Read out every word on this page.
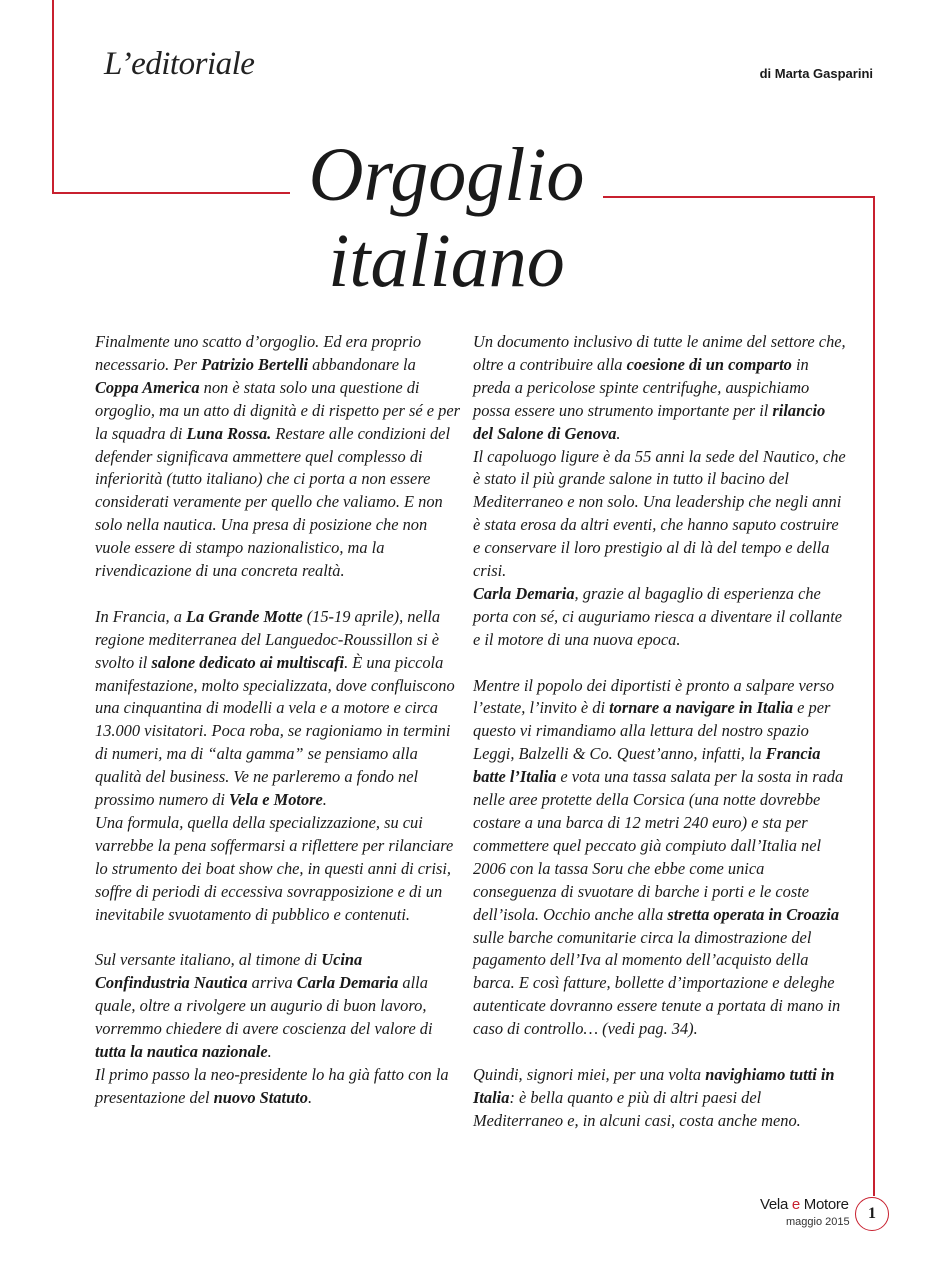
L’editoriale	di Marta Gasparini
Orgoglio
italiano

Finalmente uno scatto d’orgoglio. Ed era proprio necessario. Per Patrizio Bertelli abbandonare la Coppa America non è stata solo una questione di orgoglio, ma un atto di dignità e di rispetto per sé e per la squadra di Luna Rossa. Restare alle condizioni del defender significava ammettere quel complesso di inferiorità (tutto italiano) che ci porta a non essere considerati veramente per quello che valiamo. E non solo nella nautica. Una presa di posizione che non vuole essere di stampo nazionalistico, ma la rivendicazione di una concreta realtà.

In Francia, a La Grande Motte (15-19 aprile), nella regione mediterranea del Languedoc-Roussillon si è svolto il salone dedicato ai multiscafi. È una piccola manifestazione, molto specializzata, dove confluiscono una cinquantina di modelli a vela e a motore e circa 13.000 visitatori. Poca roba, se ragioniamo in termini di numeri, ma di “alta gamma” se pensiamo alla qualità del business. Ve ne parleremo a fondo nel prossimo numero di Vela e Motore.
Una formula, quella della specializzazione, su cui varrebbe la pena soffermarsi a riflettere per rilanciare lo strumento dei boat show che, in questi anni di crisi, soffre di periodi di eccessiva sovrapposizione e di un inevitabile svuotamento di pubblico e contenuti.

Sul versante italiano, al timone di Ucina Confindustria Nautica arriva Carla Demaria alla quale, oltre a rivolgere un augurio di buon lavoro, vorremmo chiedere di avere coscienza del valore di tutta la nautica nazionale.
Il primo passo la neo-presidente lo ha già fatto con la presentazione del nuovo Statuto.

Un documento inclusivo di tutte le anime del settore che, oltre a contribuire alla coesione di un comparto in preda a pericolose spinte centrifughe, auspichiamo possa essere uno strumento importante per il rilancio del Salone di Genova.
Il capoluogo ligure è da 55 anni la sede del Nautico, che è stato il più grande salone in tutto il bacino del Mediterraneo e non solo. Una leadership che negli anni è stata erosa da altri eventi, che hanno saputo costruire e conservare il loro prestigio al di là del tempo e della crisi.
Carla Demaria, grazie al bagaglio di esperienza che porta con sé, ci auguriamo riesca a diventare il collante e il motore di una nuova epoca.

Mentre il popolo dei diportisti è pronto a salpare verso l’estate, l’invito è di tornare a navigare in Italia e per questo vi rimandiamo alla lettura del nostro spazio Leggi, Balzelli & Co. Quest’anno, infatti, la Francia batte l’Italia e vota una tassa salata per la sosta in rada nelle aree protette della Corsica (una notte dovrebbe costare a una barca di 12 metri 240 euro) e sta per commettere quel peccato già compiuto dall’Italia nel 2006 con la tassa Soru che ebbe come unica conseguenza di svuotare di barche i porti e le coste dell’isola. Occhio anche alla stretta operata in Croazia sulle barche comunitarie circa la dimostrazione del pagamento dell’Iva al momento dell’acquisto della barca. E così fatture, bollette d’importazione e deleghe autenticate dovranno essere tenute a portata di mano in caso di controllo… (vedi pag. 34).

Quindi, signori miei, per una volta navighiamo tutti in Italia: è bella quanto e più di altri paesi del Mediterraneo e, in alcuni casi, costa anche meno.

Vela e Motore
maggio 2015	1
